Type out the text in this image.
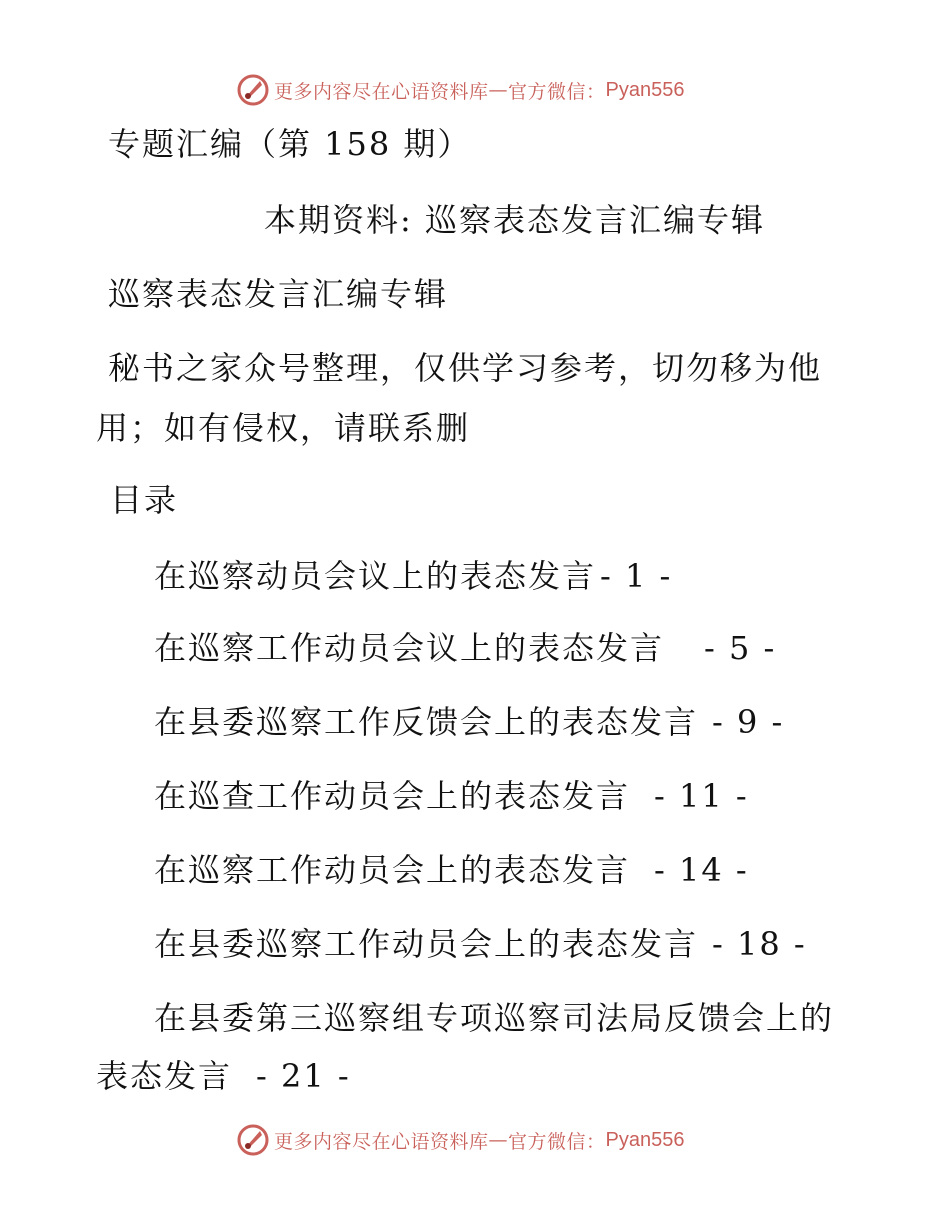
更多内容尽在心语资料库 — 官方微信： Pyan556
专题汇编（第 158 期）
本期资料: 巡察表态发言汇编专辑
巡察表态发言汇编专辑
秘书之家众号整理，仅供学习参考，切勿移为他
用；如有侵权，请联系删
目录
在巡察动员会议上的表态发言 - 1 -
在巡察工作动员会议上的表态发言- 5 -
在县委巡察工作反馈会上的表态发言 - 9 -
在巡查工作动员会上的表态发言 - 11 -
在巡察工作动员会上的表态发言 - 14 -
在县委巡察工作动员会上的表态发言 - 18 -
在县委第三巡察组专项巡察司法局反馈会上的
表态发言 - 21 -
更多内容尽在心语资料库 — 官方微信： Pyan556
